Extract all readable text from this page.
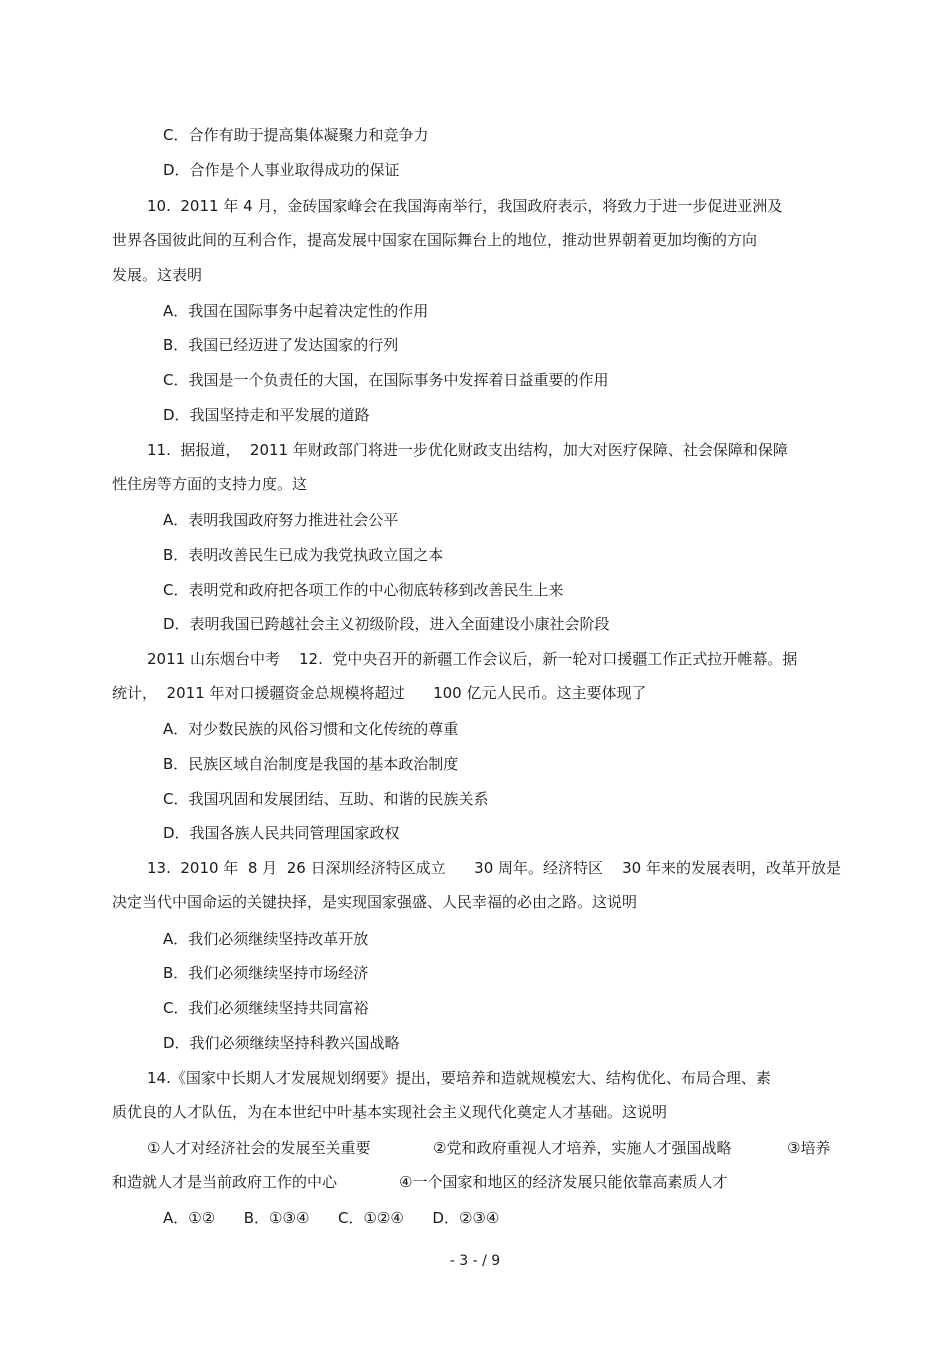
C．合作有助于提高集体凝聚力和竞争力
D．合作是个人事业取得成功的保证
10.  2011 年 4 月，金砖国家峰会在我国海南举行，我国政府表示，将致力于进一步促进亚洲及
世界各国彼此间的互利合作，提高发展中国家在国际舞台上的地位，推动世界朝着更加均衡的方向
发展。这表明
A．我国在国际事务中起着决定性的作用
B．我国已经迈进了发达国家的行列
C．我国是一个负责任的大国，在国际事务中发挥着日益重要的作用
D．我国坚持走和平发展的道路
11.  据报道，  2011 年财政部门将进一步优化财政支出结构，加大对医疗保障、社会保障和保障
性住房等方面的支持力度。这
A．表明我国政府努力推进社会公平
B．表明改善民生已成为我党执政立国之本
C．表明党和政府把各项工作的中心彻底转移到改善民生上来
D．表明我国已跨越社会主义初级阶段，进入全面建设小康社会阶段
2011 山东烟台中考    12.  党中央召开的新疆工作会议后，新一轮对口援疆工作正式拉开帷幕。据
统计，  2011 年对口援疆资金总规模将超过      100 亿元人民币。这主要体现了
A．对少数民族的风俗习惯和文化传统的尊重
B．民族区域自治制度是我国的基本政治制度
C．我国巩固和发展团结、互助、和谐的民族关系
D．我国各族人民共同管理国家政权
13.  2010 年  8 月  26 日深圳经济特区成立      30 周年。经济特区    30 年来的发展表明，改革开放是
决定当代中国命运的关键抉择，是实现国家强盛、人民幸福的必由之路。这说明
A．我们必须继续坚持改革开放
B．我们必须继续坚持市场经济
C．我们必须继续坚持共同富裕
D．我们必须继续坚持科教兴国战略
14.《国家中长期人才发展规划纲要》提出，要培养和造就规模宏大、结构优化、布局合理、素
质优良的人才队伍，为在本世纪中叶基本实现社会主义现代化奠定人才基础。这说明
①人才对经济社会的发展至关重要	②党和政府重视人才培养，实施人才强国战略	③培养
和造就人才是当前政府工作的中心	④一个国家和地区的经济发展只能依靠高素质人才
A．①②      B．①③④      C．①②④      D．②③④
- 3 - / 9
